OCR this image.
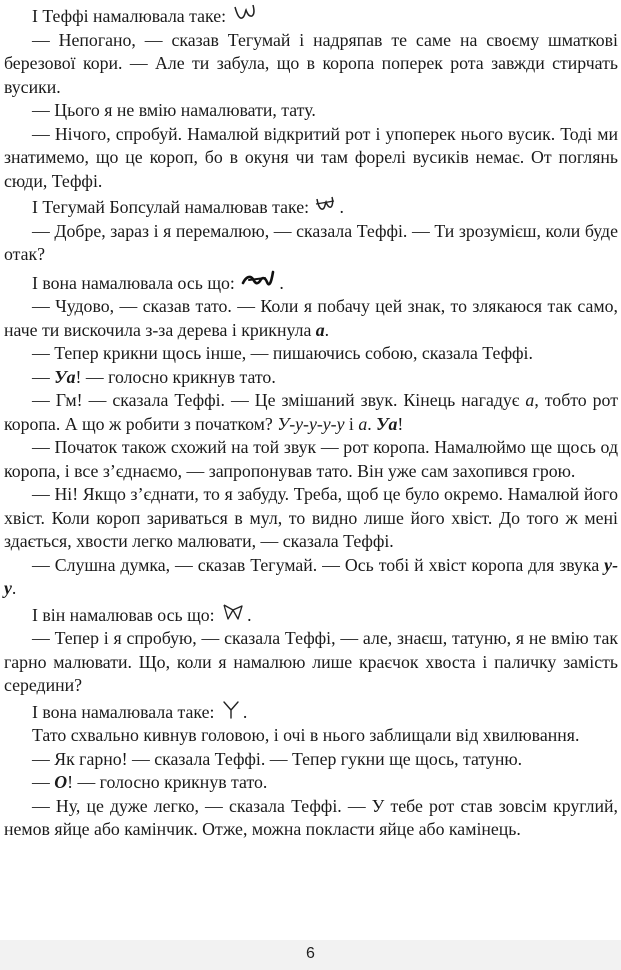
І Теффі намалювала таке:

— Непогано, — сказав Тегумай і надряпав те саме на своєму шматкові березової кори. — Але ти забула, що в коропа поперек рота завжди стирчать вусики.

— Цього я не вмію намалювати, тату.

— Нічого, спробуй. Намалюй відкритий рот і упоперек нього вусик. Тоді ми знатимемо, що це короп, бо в окуня чи там форелі вусиків немає. От поглянь сюди, Теффі.

І Тегумай Бопсулай намалював таке: .

— Добре, зараз і я перемалюю, — сказала Теффі. — Ти зрозумієш, коли буде отак?

І вона намалювала ось що: .

— Чудово, — сказав тато. — Коли я побачу цей знак, то злякаюся так само, наче ти вискочила з-за дерева і крикнула а.

— Тепер крикни щось інше, — пишаючись собою, сказала Теффі.

— Уа! — голосно крикнув тато.

— Гм! — сказала Теффі. — Це змішаний звук. Кінець нагадує а, тобто рот коропа. А що ж робити з початком? У-у-у-у-у і а. Уа!

— Початок також схожий на той звук — рот коропа. Намалюймо ще щось од коропа, і все з’єднаємо, — запропонував тато. Він уже сам захопився грою.

— Ні! Якщо з’єднати, то я забуду. Треба, щоб це було окремо. Намалюй його хвіст. Коли короп зариваться в мул, то видно лише його хвіст. До того ж мені здається, хвости легко малювати, — сказала Теффі.

— Слушна думка, — сказав Тегумай. — Ось тобі й хвіст коропа для звука у-у.

І він намалював ось що: .

— Тепер і я спробую, — сказала Теффі, — але, знаєш, татуню, я не вмію так гарно малювати. Що, коли я намалюю лише краєчок хвоста і паличку замість середини?

І вона намалювала таке: .

Тато схвально кивнув головою, і очі в нього заблищали від хвилювання.

— Як гарно! — сказала Теффі. — Тепер гукни ще щось, татуню.

— О! — голосно крикнув тато.

— Ну, це дуже легко, — сказала Теффі. — У тебе рот став зовсім круглий, немов яйце або камінчик. Отже, можна покласти яйце або камінець.

6
